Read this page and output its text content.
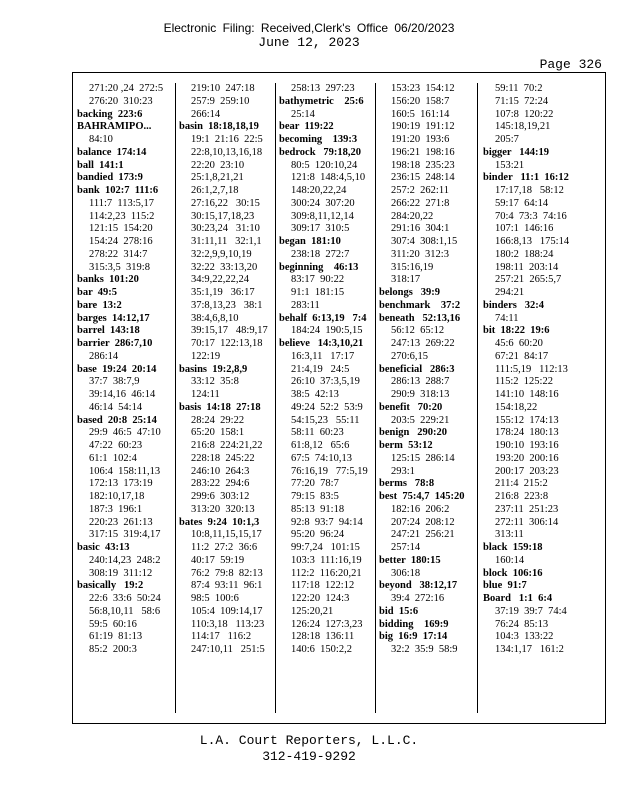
Electronic Filing: Received,Clerk's Office 06/20/2023
June 12, 2023
Page 326
271:20 ,24  272:5
276:20  310:23
backing  223:6
BAHRAMIPO...
84:10
balance  174:14
ball  141:1
bandied  173:9
bank  102:7  111:6
111:7  113:5,17
114:2,23  115:2
121:15  154:20
154:24  278:16
278:22  314:7
315:3,5  319:8
banks  101:20
bar  49:5
bare  13:2
barges  14:12,17
barrel  143:18
barrier  286:7,10
286:14
base  19:24  20:14
37:7  38:7,9
39:14,16  46:14
46:14  54:14
based  20:8  25:14
29:9  46:5  47:10
47:22  60:23
61:1  102:4
106:4  158:11,13
172:13  173:19
182:10,17,18
187:3  196:1
220:23  261:13
317:15  319:4,17
basic  43:13
240:14,23  248:2
308:19  311:12
basically   19:2
22:6  33:6  50:24
56:8,10,11   58:6
59:5  60:16
61:19  81:13
85:2  200:3
219:10  247:18
257:9  259:10
266:14
basin  18:18,18,19
19:1  21:16  22:5
22:8,10,13,16,18
22:20  23:10
25:1,8,21,21
26:1,2,7,18
27:16,22   30:15
30:15,17,18,23
30:23,24   31:10
31:11,11   32:1,1
32:2,9,9,10,19
32:22  33:13,20
34:9,22,22,24
35:1,19   36:17
37:8,13,23   38:1
38:4,6,8,10
39:15,17   48:9,17
70:17  122:13,18
122:19
basins  19:2,8,9
33:12  35:8
124:11
basis  14:18  27:18
28:24  29:22
65:20  158:1
216:8  224:21,22
228:18  245:22
246:10  264:3
283:22  294:6
299:6  303:12
313:20  320:13
bates  9:24  10:1,3
10:8,11,15,15,17
11:2  27:2  36:6
40:17  59:19
76:2  79:8  82:13
87:4  93:11  96:1
98:5  100:6
105:4  109:14,17
110:3,18   113:23
114:17   116:2
247:10,11   251:5
258:13  297:23
bathymetric    25:6
25:14
bear  119:22
becoming    139:3
bedrock   79:18,20
80:5  120:10,24
121:8  148:4,5,10
148:20,22,24
300:24  307:20
309:8,11,12,14
309:17  310:5
began  181:10
238:18  272:7
beginning    46:13
83:17  90:22
91:1  181:15
283:11
behalf  6:13,19   7:4
184:24  190:5,15
believe   14:3,10,21
16:3,11   17:17
21:4,19   24:5
26:10  37:3,5,19
38:5  42:13
49:24  52:2  53:9
54:15,23   55:11
58:11  60:23
61:8,12   65:6
67:5  74:10,13
76:16,19   77:5,19
77:20  78:7
79:15  83:5
85:13  91:18
92:8  93:7  94:14
95:20  96:24
99:7,24   101:15
103:3  111:16,19
112:2  116:20,21
117:18  122:12
122:20  124:3
125:20,21
126:24  127:3,23
128:18  136:11
140:6  150:2,2
153:23  154:12
156:20  158:7
160:5  161:14
190:19  191:12
191:20  193:6
196:21  198:16
198:18  235:23
236:15  248:14
257:2  262:11
266:22  271:8
284:20,22
291:16  304:1
307:4  308:1,15
311:20  312:3
315:16,19
318:17
belongs   39:9
benchmark    37:2
beneath   52:13,16
56:12  65:12
247:13  269:22
270:6,15
beneficial   286:3
286:13  288:7
290:9  318:13
benefit   70:20
203:5  229:21
benign   290:20
berm  53:12
125:15  286:14
293:1
berms   78:8
best  75:4,7  145:20
182:16  206:2
207:24  208:12
247:21  256:21
257:14
better  180:15
306:18
beyond   38:12,17
39:4  272:16
bid  15:6
bidding    169:9
big  16:9  17:14
32:2  35:9  58:9
59:11  70:2
71:15  72:24
107:8  120:22
145:18,19,21
205:7
bigger   144:19
153:21
binder   11:1  16:12
17:17,18   58:12
59:17  64:14
70:4  73:3  74:16
107:1  146:16
166:8,13   175:14
180:2  188:24
198:11  203:14
257:21  265:5,7
294:21
binders   32:4
74:11
bit  18:22  19:6
45:6  60:20
67:21  84:17
111:5,19   112:13
115:2  125:22
141:10  148:16
154:18,22
155:12  174:13
178:24  180:13
190:10  193:16
193:20  200:16
200:17  203:23
211:4  215:2
216:8  223:8
237:11  251:23
272:11  306:14
313:11
black  159:18
160:14
block  106:16
blue  91:7
Board   1:1  6:4
37:19  39:7  74:4
76:24  85:13
104:3  133:22
134:1,17   161:2
L.A. Court Reporters, L.L.C.
312-419-9292
